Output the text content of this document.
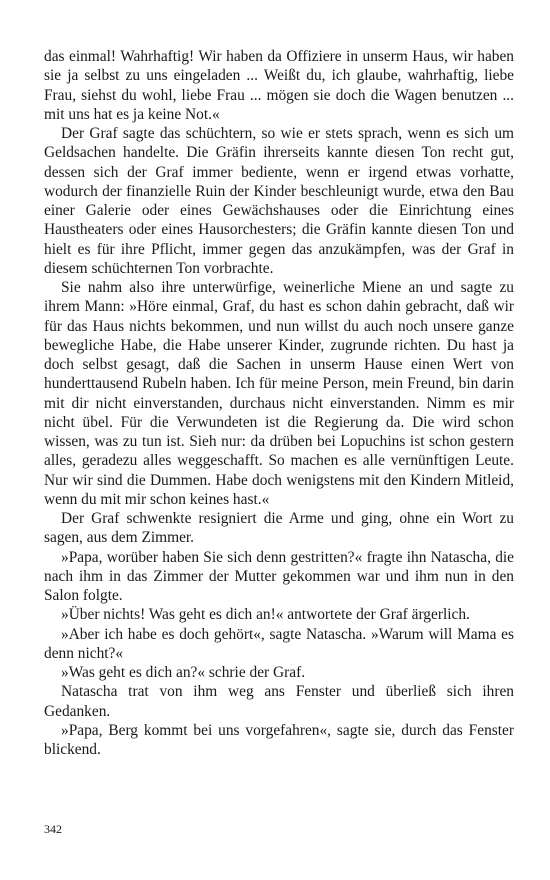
das einmal! Wahrhaftig! Wir haben da Offiziere in unserm Haus, wir haben sie ja selbst zu uns eingeladen ... Weißt du, ich glaube, wahrhaftig, liebe Frau, siehst du wohl, liebe Frau ... mögen sie doch die Wagen benutzen ... mit uns hat es ja keine Not.«

Der Graf sagte das schüchtern, so wie er stets sprach, wenn es sich um Geldsachen handelte. Die Gräfin ihrerseits kannte diesen Ton recht gut, dessen sich der Graf immer bediente, wenn er irgend etwas vorhatte, wodurch der finanzielle Ruin der Kinder beschleunigt wurde, etwa den Bau einer Galerie oder eines Gewächshauses oder die Einrichtung eines Haustheaters oder eines Hausorchesters; die Gräfin kannte diesen Ton und hielt es für ihre Pflicht, immer gegen das anzukämpfen, was der Graf in diesem schüchternen Ton vorbrachte.

Sie nahm also ihre unterwürfige, weinerliche Miene an und sagte zu ihrem Mann: »Höre einmal, Graf, du hast es schon dahin gebracht, daß wir für das Haus nichts bekommen, und nun willst du auch noch unsere ganze bewegliche Habe, die Habe unserer Kinder, zugrunde richten. Du hast ja doch selbst gesagt, daß die Sachen in unserm Hause einen Wert von hunderttausend Rubeln haben. Ich für meine Person, mein Freund, bin darin mit dir nicht einverstanden, durchaus nicht einverstanden. Nimm es mir nicht übel. Für die Verwundeten ist die Regierung da. Die wird schon wissen, was zu tun ist. Sieh nur: da drüben bei Lopuchins ist schon gestern alles, geradezu alles weggeschafft. So machen es alle vernünftigen Leute. Nur wir sind die Dummen. Habe doch wenigstens mit den Kindern Mitleid, wenn du mit mir schon keines hast.«

Der Graf schwenkte resigniert die Arme und ging, ohne ein Wort zu sagen, aus dem Zimmer.

»Papa, worüber haben Sie sich denn gestritten?« fragte ihn Natascha, die nach ihm in das Zimmer der Mutter gekommen war und ihm nun in den Salon folgte.

»Über nichts! Was geht es dich an!« antwortete der Graf ärgerlich.

»Aber ich habe es doch gehört«, sagte Natascha. »Warum will Mama es denn nicht?«

»Was geht es dich an?« schrie der Graf.

Natascha trat von ihm weg ans Fenster und überließ sich ihren Gedanken.

»Papa, Berg kommt bei uns vorgefahren«, sagte sie, durch das Fenster blickend.

342
